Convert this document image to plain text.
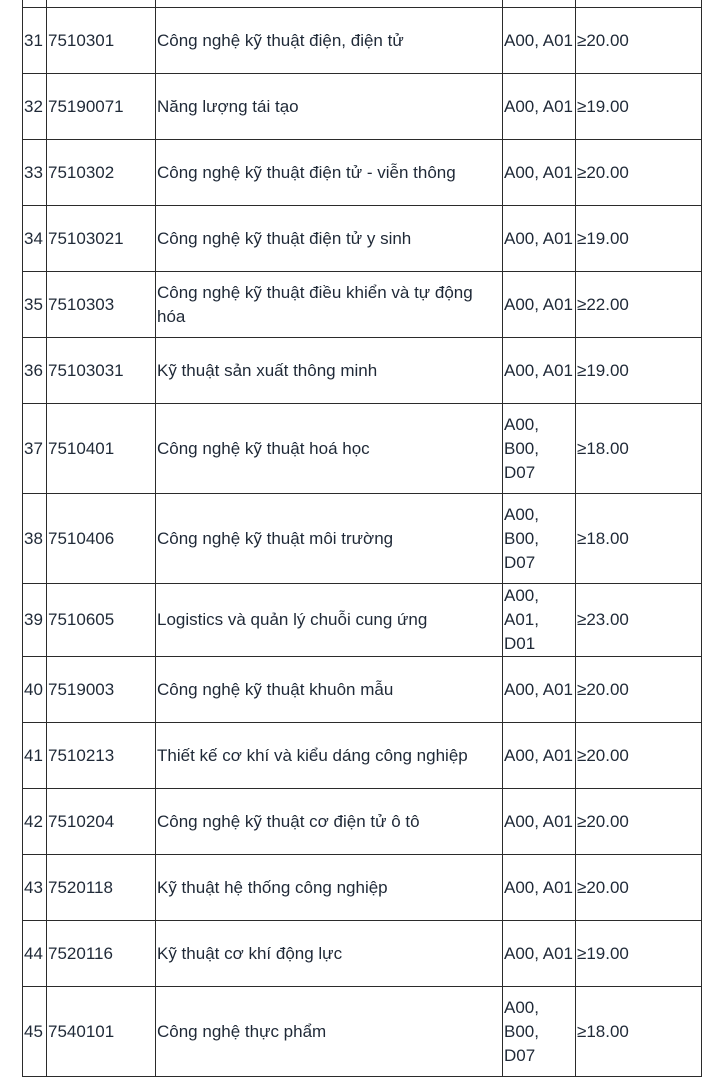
31	7510301	Công nghệ kỹ thuật điện, điện tử	A00, A01	≥20.00
32	75190071	Năng lượng tái tạo	A00, A01	≥19.00
33	7510302	Công nghệ kỹ thuật điện tử - viễn thông	A00, A01	≥20.00
34	75103021	Công nghệ kỹ thuật điện tử y sinh	A00, A01	≥19.00
35	7510303	Công nghệ kỹ thuật điều khiển và tự động hóa	A00, A01	≥22.00
36	75103031	Kỹ thuật sản xuất thông minh	A00, A01	≥19.00
37	7510401	Công nghệ kỹ thuật hoá học	A00, B00, D07	≥18.00
38	7510406	Công nghệ kỹ thuật môi trường	A00, B00, D07	≥18.00
39	7510605	Logistics và quản lý chuỗi cung ứng	A00, A01, D01	≥23.00
40	7519003	Công nghệ kỹ thuật khuôn mẫu	A00, A01	≥20.00
41	7510213	Thiết kế cơ khí và kiểu dáng công nghiệp	A00, A01	≥20.00
42	7510204	Công nghệ kỹ thuật cơ điện tử ô tô	A00, A01	≥20.00
43	7520118	Kỹ thuật hệ thống công nghiệp	A00, A01	≥20.00
44	7520116	Kỹ thuật cơ khí động lực	A00, A01	≥19.00
45	7540101	Công nghệ thực phẩm	A00, B00, D07	≥18.00
